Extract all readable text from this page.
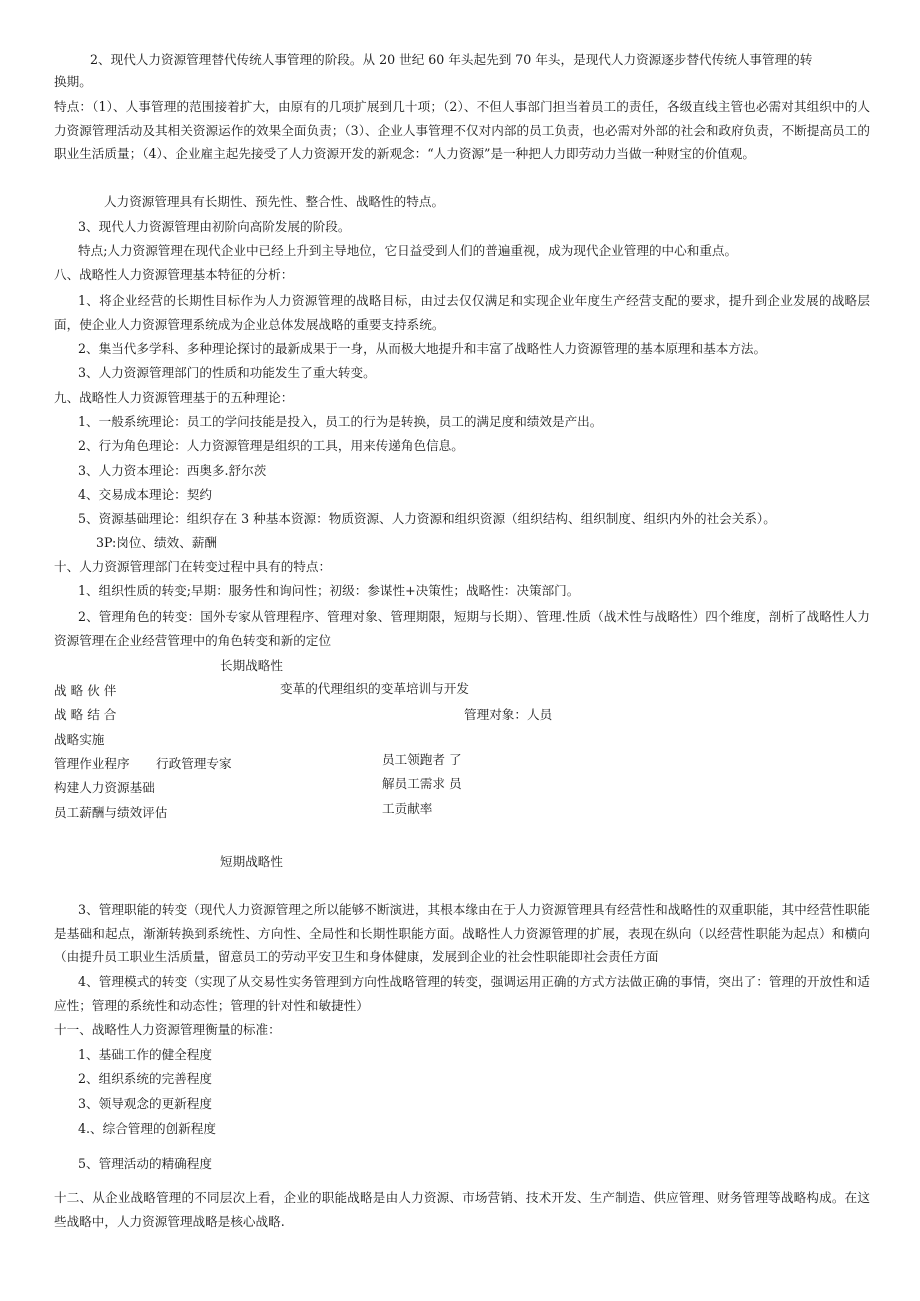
2、现代人力资源管理替代传统人事管理的阶段。从 20 世纪 60 年头起先到 70 年头，是现代人力资源逐步替代传统人事管理的转
换期。
特点：（1）、人事管理的范围接着扩大，由原有的几项扩展到几十项；（2）、不但人事部门担当着员工的责任，各级直线主管也必需对其组织中的人力资源管理活动及其相关资源运作的效果全面负责；（3）、企业人事管理不仅对内部的员工负责，也必需对外部的社会和政府负责，不断提高员工的职业生活质量；（4）、企业雇主起先接受了人力资源开发的新观念：“人力资源”是一种把人力即劳动力当做一种财宝的价值观。
人力资源管理具有长期性、预先性、整合性、战略性的特点。
3、现代人力资源管理由初阶向高阶发展的阶段。
特点;人力资源管理在现代企业中已经上升到主导地位，它日益受到人们的普遍重视，成为现代企业管理的中心和重点。
八、战略性人力资源管理基本特征的分析：
1、将企业经营的长期性目标作为人力资源管理的战略目标，由过去仅仅满足和实现企业年度生产经营支配的要求，提升到企业发展的战略层面，使企业人力资源管理系统成为企业总体发展战略的重要支持系统。
2、集当代多学科、多种理论探讨的最新成果于一身，从而极大地提升和丰富了战略性人力资源管理的基本原理和基本方法。
3、人力资源管理部门的性质和功能发生了重大转变。
九、战略性人力资源管理基于的五种理论：
1、一般系统理论：员工的学问技能是投入，员工的行为是转换，员工的满足度和绩效是产出。
2、行为角色理论：人力资源管理是组织的工具，用来传递角色信息。
3、人力资本理论：西奥多.舒尔茨
4、交易成本理论：契约
5、资源基础理论：组织存在 3 种基本资源：物质资源、人力资源和组织资源（组织结构、组织制度、组织内外的社会关系）。
3P:岗位、绩效、薪酬
十、人力资源管理部门在转变过程中具有的特点：
1、组织性质的转变;早期：服务性和询问性；初级：参谋性+决策性；战略性：决策部门。
2、管理角色的转变：国外专家从管理程序、管理对象、管理期限，短期与长期）、管理.性质（战术性与战略性）四个维度，剖析了战略性人力资源管理在企业经营管理中的角色转变和新的定位
长期战略性
战 略 伙 伴	变革的代理组织的变革培训与开发
战 略 结 合	管理对象：人员
战略实施
管理作业程序 行政管理专家	员工领跑者 了
构建人力资源基础	解员工需求 员
员工薪酬与绩效评估	工贡献率
短期战略性
3、管理职能的转变（现代人力资源管理之所以能够不断演进，其根本缘由在于人力资源管理具有经营性和战略性的双重职能，其中经营性职能是基础和起点，渐渐转换到系统性、方向性、全局性和长期性职能方面。战略性人力资源管理的扩展，表现在纵向（以经营性职能为起点）和横向（由提升员工职业生活质量，留意员工的劳动平安卫生和身体健康，发展到企业的社会性职能即社会责任方面
4、管理模式的转变（实现了从交易性实务管理到方向性战略管理的转变，强调运用正确的方式方法做正确的事情，突出了：管理的开放性和适应性；管理的系统性和动态性；管理的针对性和敏捷性）
十一、战略性人力资源管理衡量的标准：
1、基础工作的健全程度
2、组织系统的完善程度
3、领导观念的更新程度
4.、综合管理的创新程度
5、管理活动的精确程度
十二、从企业战略管理的不同层次上看，企业的职能战略是由人力资源、市场营销、技术开发、生产制造、供应管理、财务管理等战略构成。在这些战略中，人力资源管理战略是核心战略.
